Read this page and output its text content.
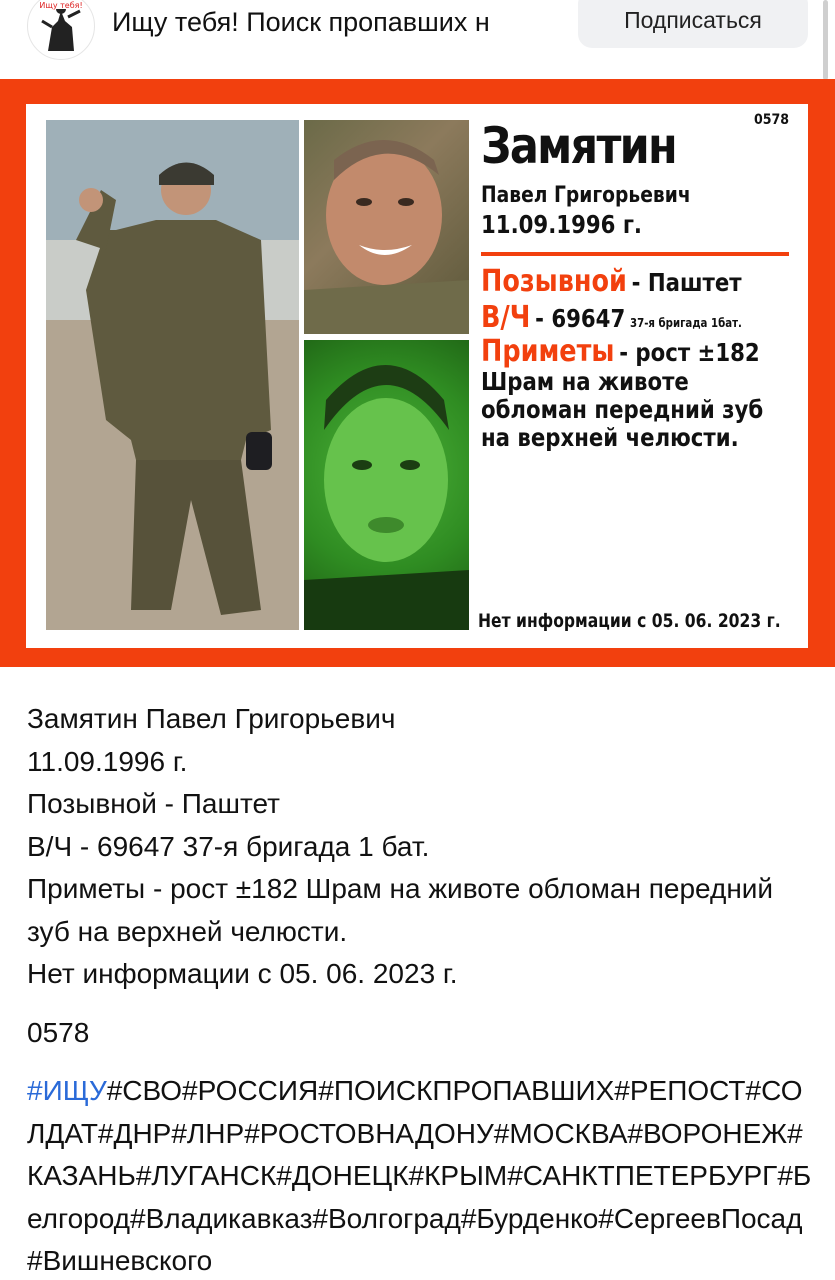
Ищу тебя!
Ищу тебя! Поиск пропавших н	Подписаться
0578
Замятин
Павел Григорьевич
11.09.1996 г.
Позывной - Паштет
В/Ч - 69647 37-я бригада 1бат.
Приметы - рост ±182
Шрам на животе обломан передний зуб на верхней челюсти.
Нет информации с 05. 06. 2023 г.

Замятин Павел Григорьевич

11.09.1996 г.

Позывной - Паштет

В/Ч - 69647 37-я бригада 1 бат.

Приметы - рост ±182 Шрам на животе обломан передний зуб на верхней челюсти.

Нет информации с 05. 06. 2023 г.

0578
#ИЩУ#СВО#РОССИЯ#ПОИСКПРОПАВШИХ#РЕПОСТ#СОЛДАТ#ДНР#ЛНР#РОСТОВНАДОНУ#МОСКВА#ВОРОНЕЖ#КАЗАНЬ#ЛУГАНСК#ДОНЕЦК#КРЫМ#САНКТПЕТЕРБУРГ#Белгород#Владикавказ#Волгоград#Бурденко#СергеевПосад#Вишневского
